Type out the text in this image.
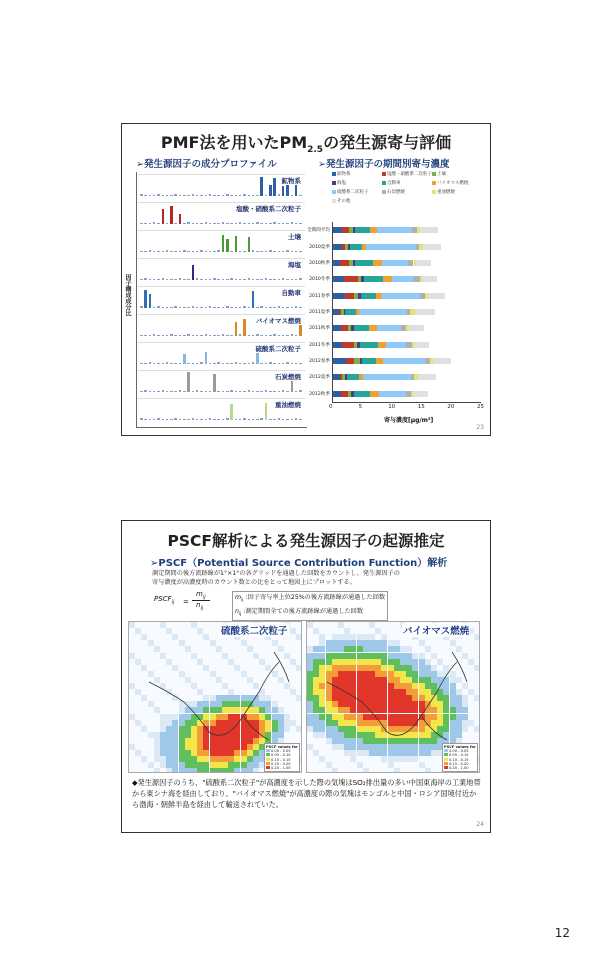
PMF法を用いた$PM_{2.5}$の発生源寄与評価
➢発生源因子の成分プロファイル	➢発生源因子の期間別寄与濃度
因子構成成分比
鉱物系
塩酸・硝酸系二次粒子
土壌
海塩
自動車
バイオマス燃焼
硫酸系二次粒子
石炭燃焼
重油燃焼
鉱物系	塩酸・硝酸系二次粒子	土壌
海塩	自動車	バイオマス燃焼
硫酸系二次粒子	石炭燃焼	重油燃焼
その他
全期間平均
2010夏季
2010秋季
2010冬季
2011春季
2011夏季
2011秋季
2011冬季
2012春季
2012夏季
2012秋季
0	5	10	15	20	25
寄与濃度[μg/m³]
23
PSCF解析による発生源因子の起源推定
➢PSCF（Potential Source Contribution Function）解析
測定期間の後方流跡線が1°×1°の各グリッドを通過した回数をカウントし、発生源因子の
寄与濃度が高濃度時のカウント数との比をとって地図上にプロットする。
$PSCF_{ij}$ =
$m_{ij}$
$n_{ij}$
$m_{ij}$ :因子寄与率上位25%の後方流跡線が通過した回数
$n_{ij}$ :測定期間全ての後方流跡線が通過した回数
硫酸系二次粒子	バイオマス燃焼
PSCF values for
0.00 - 0.05
0.05 - 0.10
0.10 - 0.15
0.15 - 0.20
0.20 - 1.00
PSCF values for
0.00 - 0.05
0.05 - 0.10
0.10 - 0.15
0.15 - 0.20
0.20 - 1.00
◆発生源因子のうち、"硫酸系二次粒子"が高濃度を示した際の気塊はSO₂排出量の多い中国東海岸の工業地帯から東シナ海を経由しており、"バイオマス燃焼"が高濃度の際の気塊はモンゴルと中国・ロシア国境付近から渤海・朝鮮半島を経由して輸送されていた。
24
12
